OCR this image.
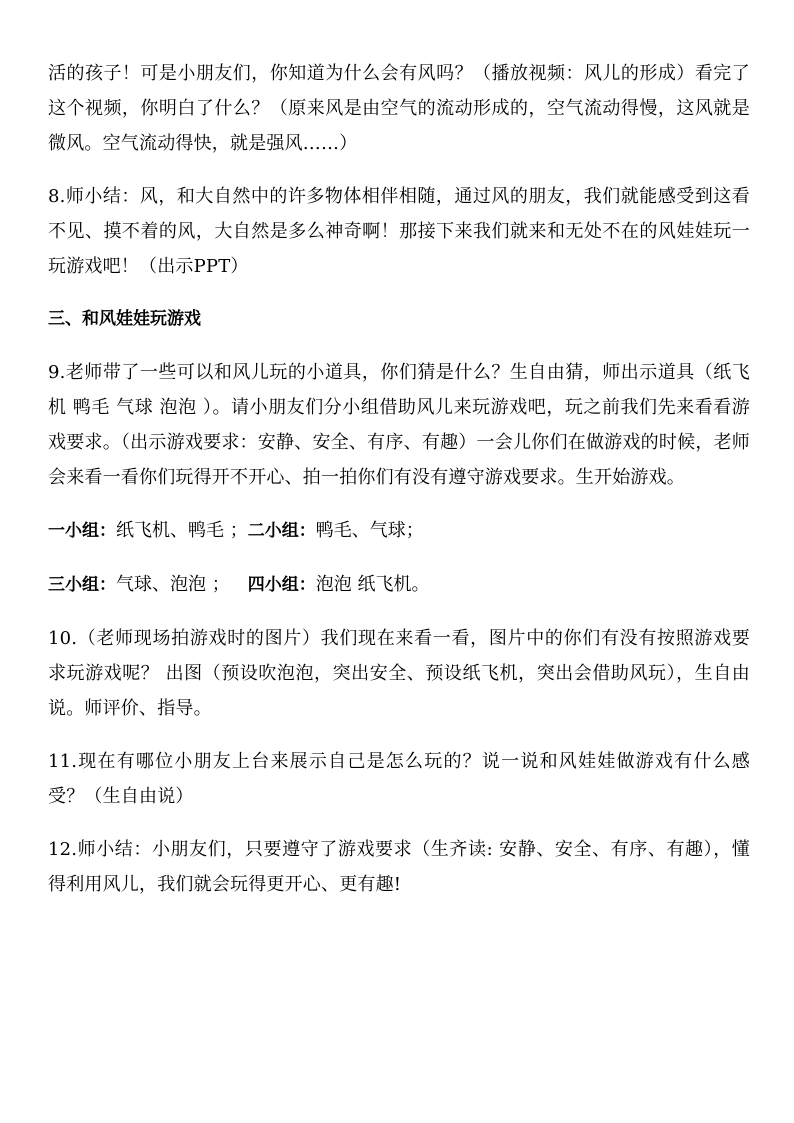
活的孩子！可是小朋友们，你知道为什么会有风吗？（播放视频：风儿的形成）看完了这个视频，你明白了什么？（原来风是由空气的流动形成的，空气流动得慢，这风就是微风。空气流动得快，就是强风……）

8.师小结：风，和大自然中的许多物体相伴相随，通过风的朋友，我们就能感受到这看不见、摸不着的风，大自然是多么神奇啊！那接下来我们就来和无处不在的风娃娃玩一玩游戏吧！（出示PPT）

三、和风娃娃玩游戏

9.老师带了一些可以和风儿玩的小道具，你们猜是什么？生自由猜，师出示道具（纸飞机 鸭毛 气球 泡泡 ）。请小朋友们分小组借助风儿来玩游戏吧，玩之前我们先来看看游戏要求。（出示游戏要求：安静、安全、有序、有趣）一会儿你们在做游戏的时候，老师会来看一看你们玩得开不开心、拍一拍你们有没有遵守游戏要求。生开始游戏。

一小组：纸飞机、鸭毛 ；二小组：鸭毛、气球；

三小组：气球、泡泡 ； 四小组：泡泡 纸飞机。

10.（老师现场拍游戏时的图片）我们现在来看一看，图片中的你们有没有按照游戏要求玩游戏呢？ 出图（预设吹泡泡，突出安全、预设纸飞机，突出会借助风玩），生自由说。师评价、指导。

11.现在有哪位小朋友上台来展示自己是怎么玩的？说一说和风娃娃做游戏有什么感受？（生自由说）

12.师小结：小朋友们，只要遵守了游戏要求（生齐读: 安静、安全、有序、有趣），懂得利用风儿，我们就会玩得更开心、更有趣!
